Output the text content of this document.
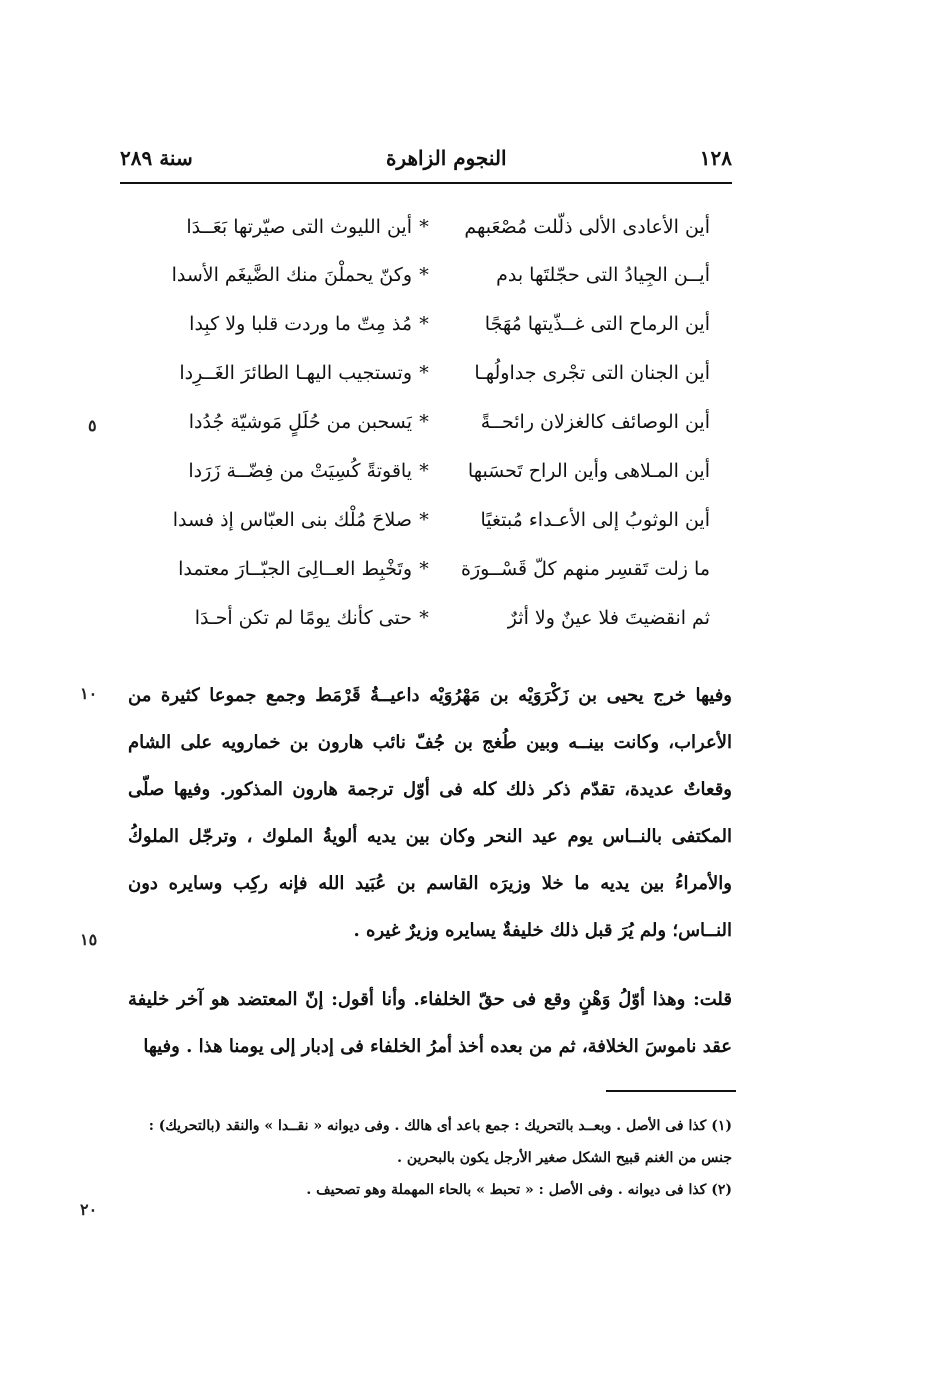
سنة ٢٨٩	النجوم الزاهرة	١٢٨
أين الأعادى الألى ذلّلت مُصْعَبهم
*
أين الليوث التى صيّرتها بَعَــدَا
أيــن الجِيادُ التى حجّلتَها بدم
*
وكنّ يحملْنَ منك الضَّيغَم الأسدا
أين الرماح التى غــذّيتها مُهَجًا
*
مُذ مِتّ ما وردت قلبا ولا كبِدا
أين الجنان التى تجْرى جداولُهـا
*
وتستجيب اليهـا الطائرَ الغَــرِدا
أين الوصائف كالغزلان رائحــةً
*
يَسحبن من حُلَلٍ مَوشيّة جُدُدا
أين المـلاهى وأين الراح تَحسَبها
*
ياقوتةً كُسِيَتْ من فِضّــة زَرَدا
أين الوثوبُ إلى الأعـداء مُبتغيًا
*
صلاحَ مُلْك بنى العبّاس إذ فسدا
ما زلت تَقسِر منهم كلّ قَسْــورَة
*
وتَخْبِط العــالِىَ الجبّــارَ معتمدا
ثم انقضيتَ فلا عينٌ ولا أثرٌ
*
حتى كأنك يومًا لم تكن أحـدَا
وفيها خرج يحيى بن زَكْرَوَيْه بن مَهْرُوَيْه داعيــةُ قَرْمَط وجمع جموعا كثيرة من الأعراب، وكانت بينــه وبين طُغج بن جُفّ نائب هارون بن خمارويه على الشام وقعاتٌ عديدة، تقدّم ذكر ذلك كله فى أوّل ترجمة هارون المذكور. وفيها صلّى المكتفى بالنــاس يوم عيد النحر وكان بين يديه ألويةُ الملوك ، وترجّل الملوكُ والأمراءُ بين يديه ما خلا وزيرَه القاسم بن عُبَيد الله فإنه ركِب وسايره دون النــاس؛ ولم يُرَ قبل ذلك خليفةٌ يسايره وزيرٌ غيره .
قلت: وهذا أوّلُ وَهْنٍ وقع فى حقّ الخلفاء. وأنا أقول: إنّ المعتضد هو آخر خليفة عقد ناموسَ الخلافة، ثم من بعده أخذ أمرُ الخلفاء فى إدبار إلى يومنا هذا . وفيها

(١) كذا فى الأصل . وبعــد بالتحريك : جمع باعد أى هالك . وفى ديوانه « نقــدا » والنقد (بالتحريك) : جنس من الغنم قبيح الشكل صغير الأرجل يكون بالبحرين .

(٢) كذا فى ديوانه . وفى الأصل : « تحبط » بالحاء المهملة وهو تصحيف .

٥
١٠
١٥
٢٠
